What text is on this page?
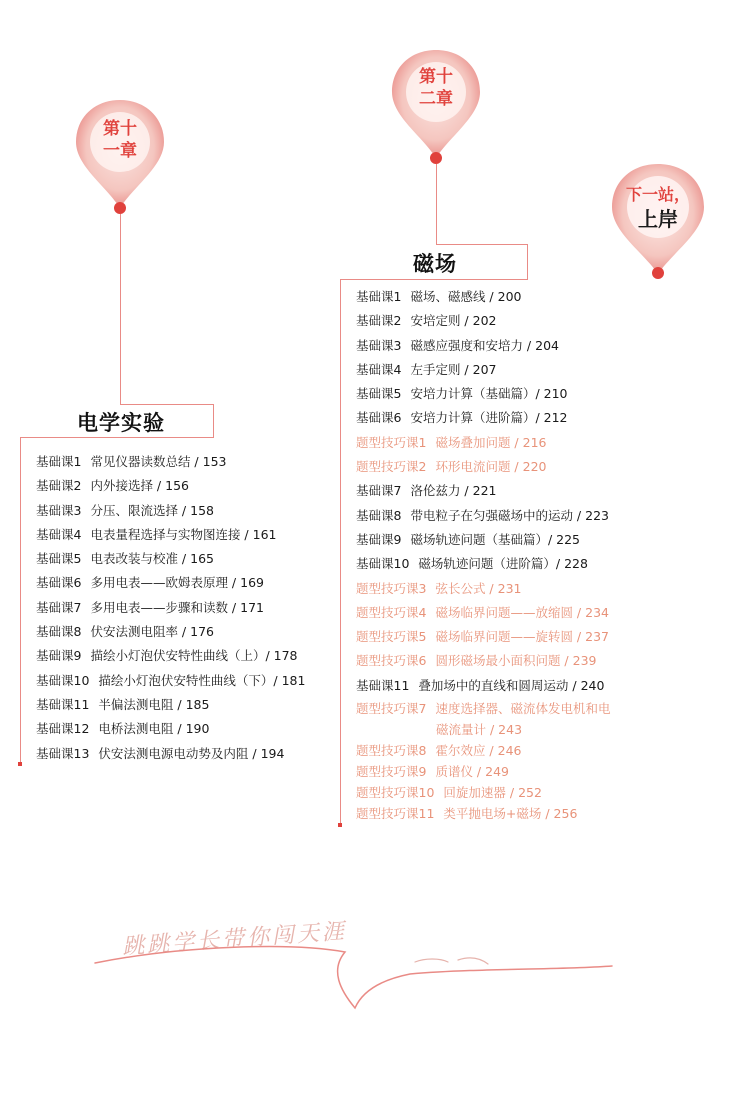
第十
一章
第十
二章
下一站，
上岸
电学实验
基础课1 常见仪器读数总结 / 153
基础课2 内外接选择 / 156
基础课3 分压、限流选择 / 158
基础课4 电表量程选择与实物图连接 / 161
基础课5 电表改装与校准 / 165
基础课6 多用电表——欧姆表原理 / 169
基础课7 多用电表——步骤和读数 / 171
基础课8 伏安法测电阻率 / 176
基础课9 描绘小灯泡伏安特性曲线（上）/ 178
基础课10 描绘小灯泡伏安特性曲线（下）/ 181
基础课11 半偏法测电阻 / 185
基础课12 电桥法测电阻 / 190
基础课13 伏安法测电源电动势及内阻 / 194
磁场
基础课1 磁场、磁感线 / 200
基础课2 安培定则 / 202
基础课3 磁感应强度和安培力 / 204
基础课4 左手定则 / 207
基础课5 安培力计算（基础篇）/ 210
基础课6 安培力计算（进阶篇）/ 212
题型技巧课1 磁场叠加问题 / 216
题型技巧课2 环形电流问题 / 220
基础课7 洛伦兹力 / 221
基础课8 带电粒子在匀强磁场中的运动 / 223
基础课9 磁场轨迹问题（基础篇）/ 225
基础课10 磁场轨迹问题（进阶篇）/ 228
题型技巧课3 弦长公式 / 231
题型技巧课4 磁场临界问题——放缩圆 / 234
题型技巧课5 磁场临界问题——旋转圆 / 237
题型技巧课6 圆形磁场最小面积问题 / 239
基础课11 叠加场中的直线和圆周运动 / 240
题型技巧课7 速度选择器、磁流体发电机和电
磁流量计 / 243
题型技巧课8 霍尔效应 / 246
题型技巧课9 质谱仪 / 249
题型技巧课10 回旋加速器 / 252
题型技巧课11 类平抛电场+磁场 / 256
跳跳学长带你闯天涯
